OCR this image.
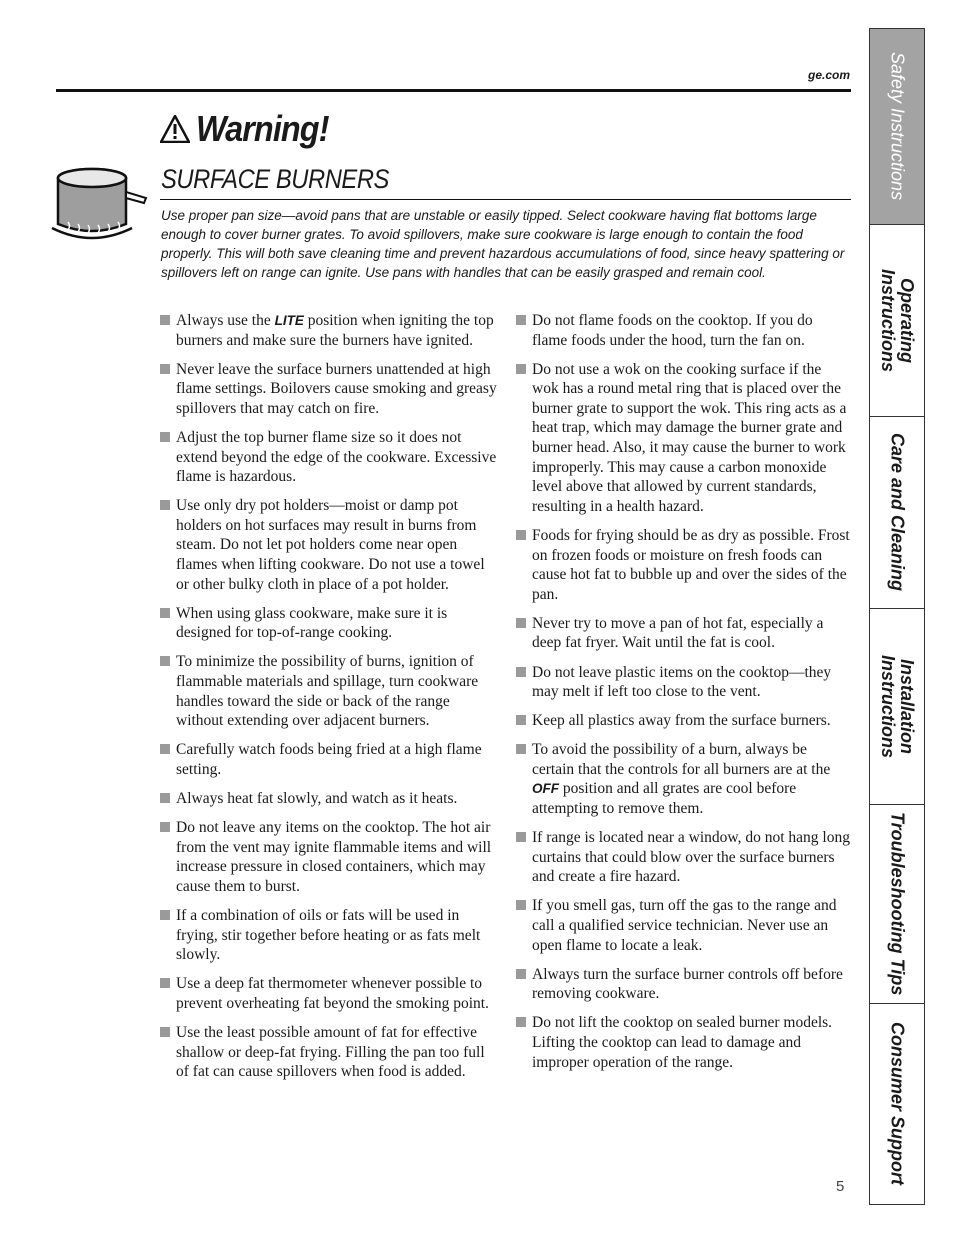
ge.com
Warning!
SURFACE BURNERS
Use proper pan size—avoid pans that are unstable or easily tipped. Select cookware having flat bottoms large enough to cover burner grates. To avoid spillovers, make sure cookware is large enough to contain the food properly. This will both save cleaning time and prevent hazardous accumulations of food, since heavy spattering or spillovers left on range can ignite. Use pans with handles that can be easily grasped and remain cool.
Always use the LITE position when igniting the top burners and make sure the burners have ignited.
Never leave the surface burners unattended at high flame settings. Boilovers cause smoking and greasy spillovers that may catch on fire.
Adjust the top burner flame size so it does not extend beyond the edge of the cookware. Excessive flame is hazardous.
Use only dry pot holders—moist or damp pot holders on hot surfaces may result in burns from steam. Do not let pot holders come near open flames when lifting cookware. Do not use a towel or other bulky cloth in place of a pot holder.
When using glass cookware, make sure it is designed for top-of-range cooking.
To minimize the possibility of burns, ignition of flammable materials and spillage, turn cookware handles toward the side or back of the range without extending over adjacent burners.
Carefully watch foods being fried at a high flame setting.
Always heat fat slowly, and watch as it heats.
Do not leave any items on the cooktop. The hot air from the vent may ignite flammable items and will increase pressure in closed containers, which may cause them to burst.
If a combination of oils or fats will be used in frying, stir together before heating or as fats melt slowly.
Use a deep fat thermometer whenever possible to prevent overheating fat beyond the smoking point.
Use the least possible amount of fat for effective shallow or deep-fat frying. Filling the pan too full of fat can cause spillovers when food is added.
Do not flame foods on the cooktop. If you do flame foods under the hood, turn the fan on.
Do not use a wok on the cooking surface if the wok has a round metal ring that is placed over the burner grate to support the wok. This ring acts as a heat trap, which may damage the burner grate and burner head. Also, it may cause the burner to work improperly. This may cause a carbon monoxide level above that allowed by current standards, resulting in a health hazard.
Foods for frying should be as dry as possible. Frost on frozen foods or moisture on fresh foods can cause hot fat to bubble up and over the sides of the pan.
Never try to move a pan of hot fat, especially a deep fat fryer. Wait until the fat is cool.
Do not leave plastic items on the cooktop—they may melt if left too close to the vent.
Keep all plastics away from the surface burners.
To avoid the possibility of a burn, always be certain that the controls for all burners are at the OFF position and all grates are cool before attempting to remove them.
If range is located near a window, do not hang long curtains that could blow over the surface burners and create a fire hazard.
If you smell gas, turn off the gas to the range and call a qualified service technician. Never use an open flame to locate a leak.
Always turn the surface burner controls off before removing cookware.
Do not lift the cooktop on sealed burner models. Lifting the cooktop can lead to damage and improper operation of the range.
5
Safety Instructions
Operating
Instructions
Care and Cleaning
Installation
Instructions
Troubleshooting Tips
Consumer Support
